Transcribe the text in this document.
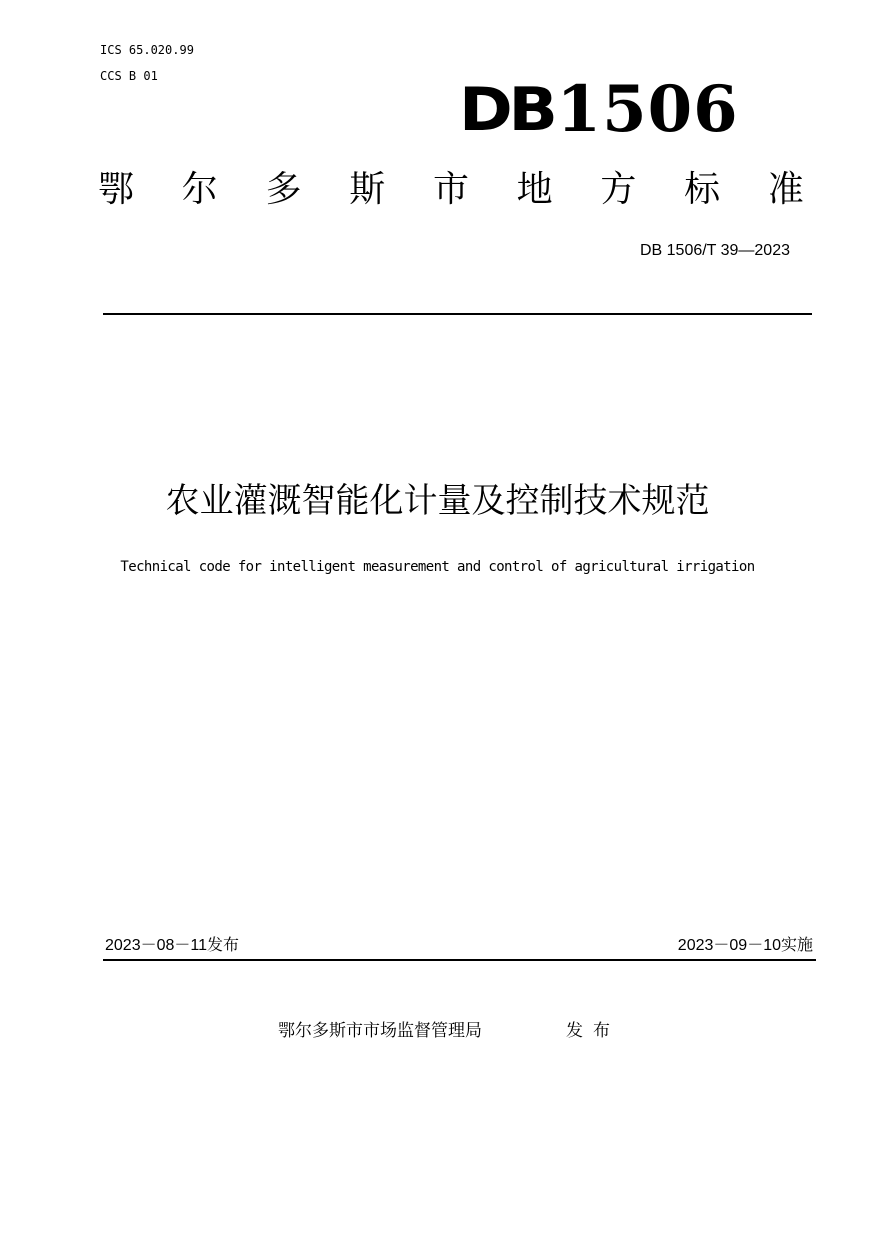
ICS 65.020.99
CCS B 01	DB 1506
鄂 尔 多 斯 市 地 方 标 准
DB 1506/T 39—2023
农业灌溉智能化计量及控制技术规范
Technical code for intelligent measurement and control of agricultural irrigation
2023－08－11发布	2023－09－10实施
鄂尔多斯市市场监督管理局	发布
